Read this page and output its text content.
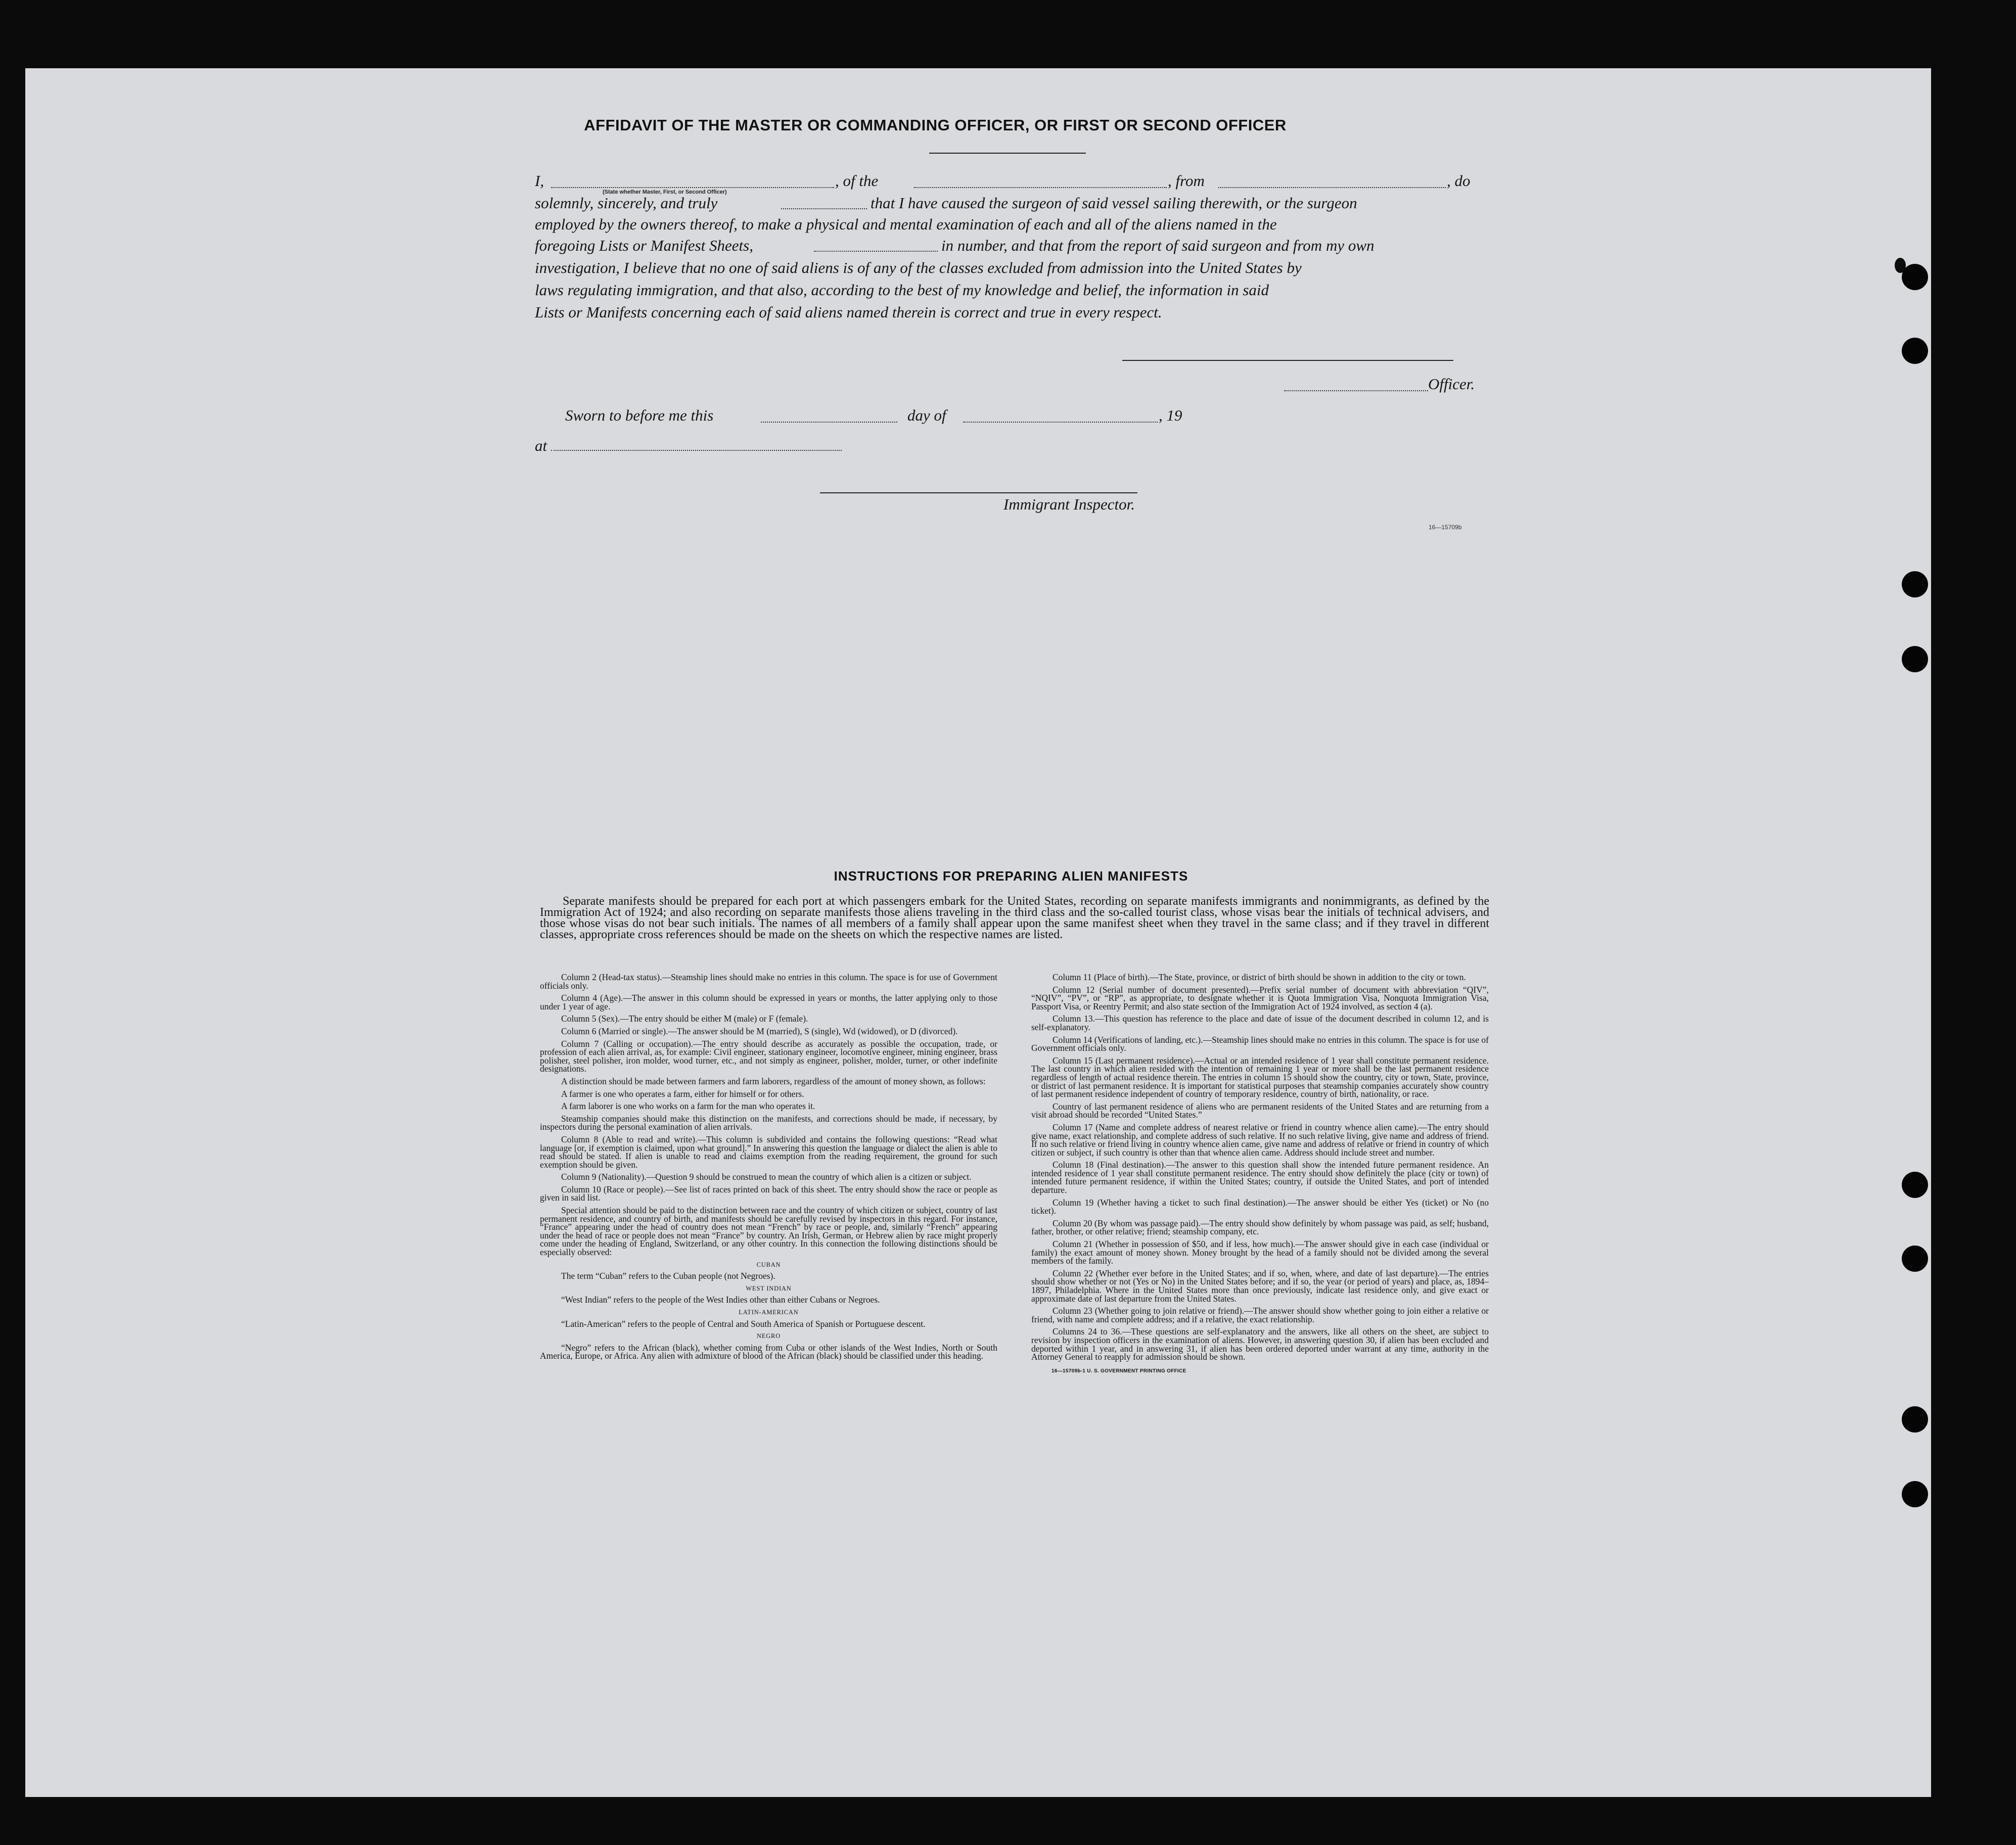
AFFIDAVIT OF THE MASTER OR COMMANDING OFFICER, OR FIRST OR SECOND OFFICER
I,
(State whether Master, First, or Second Officer)
, of the	, from	, do
solemnly, sincerely, and truly	that I have caused the surgeon of said vessel sailing therewith, or the surgeon
employed by the owners thereof, to make a physical and mental examination of each and all of the aliens named in the
foregoing Lists or Manifest Sheets,	in number, and that from the report of said surgeon and from my own
investigation, I believe that no one of said aliens is of any of the classes excluded from admission into the United States by
laws regulating immigration, and that also, according to the best of my knowledge and belief, the information in said
Lists or Manifests concerning each of said aliens named therein is correct and true in every respect.
Officer.
Sworn to before me this	day of	, 19
at
Immigrant Inspector.
16—15709b
INSTRUCTIONS FOR PREPARING ALIEN MANIFESTS
Separate manifests should be prepared for each port at which passengers embark for the United States, recording on separate manifests immigrants and nonimmigrants, as defined by the Immigration Act of 1924; and also recording on separate manifests those aliens traveling in the third class and the so-called tourist class, whose visas bear the initials of technical advisers, and those whose visas do not bear such initials. The names of all members of a family shall appear upon the same manifest sheet when they travel in the same class; and if they travel in different classes, appropriate cross references should be made on the sheets on which the respective names are listed.

Column 2 (Head-tax status).—Steamship lines should make no entries in this column. The space is for use of Government officials only.

Column 4 (Age).—The answer in this column should be expressed in years or months, the latter applying only to those under 1 year of age.

Column 5 (Sex).—The entry should be either M (male) or F (female).

Column 6 (Married or single).—The answer should be M (married), S (single), Wd (widowed), or D (divorced).

Column 7 (Calling or occupation).—The entry should describe as accurately as possible the occupation, trade, or profession of each alien arrival, as, for example: Civil engineer, stationary engineer, locomotive engineer, mining engineer, brass polisher, steel polisher, iron molder, wood turner, etc., and not simply as engineer, polisher, molder, turner, or other indefinite designations.

A distinction should be made between farmers and farm laborers, regardless of the amount of money shown, as follows:

A farmer is one who operates a farm, either for himself or for others.

A farm laborer is one who works on a farm for the man who operates it.

Steamship companies should make this distinction on the manifests, and corrections should be made, if necessary, by inspectors during the personal examination of alien arrivals.

Column 8 (Able to read and write).—This column is subdivided and contains the following questions: “Read what language [or, if exemption is claimed, upon what ground].” In answering this question the language or dialect the alien is able to read should be stated. If alien is unable to read and claims exemption from the reading requirement, the ground for such exemption should be given.

Column 9 (Nationality).—Question 9 should be construed to mean the country of which alien is a citizen or subject.

Column 10 (Race or people).—See list of races printed on back of this sheet. The entry should show the race or people as given in said list.

Special attention should be paid to the distinction between race and the country of which citizen or subject, country of last permanent residence, and country of birth, and manifests should be carefully revised by inspectors in this regard. For instance, “France” appearing under the head of country does not mean “French” by race or people, and, similarly “French” appearing under the head of race or people does not mean “France” by country. An Irish, German, or Hebrew alien by race might properly come under the heading of England, Switzerland, or any other country. In this connection the following distinctions should be especially observed:

CUBAN

The term “Cuban” refers to the Cuban people (not Negroes).

WEST INDIAN

“West Indian” refers to the people of the West Indies other than either Cubans or Negroes.

LATIN-AMERICAN

“Latin-American” refers to the people of Central and South America of Spanish or Portuguese descent.

NEGRO

“Negro” refers to the African (black), whether coming from Cuba or other islands of the West Indies, North or South America, Europe, or Africa. Any alien with admixture of blood of the African (black) should be classified under this heading.

Column 11 (Place of birth).—The State, province, or district of birth should be shown in addition to the city or town.

Column 12 (Serial number of document presented).—Prefix serial number of document with abbreviation “QIV”, “NQIV”, “PV”, or “RP”, as appropriate, to designate whether it is Quota Immigration Visa, Nonquota Immigration Visa, Passport Visa, or Reentry Permit; and also state section of the Immigration Act of 1924 involved, as section 4 (a).

Column 13.—This question has reference to the place and date of issue of the document described in column 12, and is self-explanatory.

Column 14 (Verifications of landing, etc.).—Steamship lines should make no entries in this column. The space is for use of Government officials only.

Column 15 (Last permanent residence).—Actual or an intended residence of 1 year shall constitute permanent residence. The last country in which alien resided with the intention of remaining 1 year or more shall be the last permanent residence regardless of length of actual residence therein. The entries in column 15 should show the country, city or town, State, province, or district of last permanent residence. It is important for statistical purposes that steamship companies accurately show country of last permanent residence independent of country of temporary residence, country of birth, nationality, or race.

Country of last permanent residence of aliens who are permanent residents of the United States and are returning from a visit abroad should be recorded “United States.”

Column 17 (Name and complete address of nearest relative or friend in country whence alien came).—The entry should give name, exact relationship, and complete address of such relative. If no such relative living, give name and address of friend. If no such relative or friend living in country whence alien came, give name and address of relative or friend in country of which citizen or subject, if such country is other than that whence alien came. Address should include street and number.

Column 18 (Final destination).—The answer to this question shall show the intended future permanent residence. An intended residence of 1 year shall constitute permanent residence. The entry should show definitely the place (city or town) of intended future permanent residence, if within the United States; country, if outside the United States, and port of intended departure.

Column 19 (Whether having a ticket to such final destination).—The answer should be either Yes (ticket) or No (no ticket).

Column 20 (By whom was passage paid).—The entry should show definitely by whom passage was paid, as self; husband, father, brother, or other relative; friend; steamship company, etc.

Column 21 (Whether in possession of $50, and if less, how much).—The answer should give in each case (individual or family) the exact amount of money shown. Money brought by the head of a family should not be divided among the several members of the family.

Column 22 (Whether ever before in the United States; and if so, when, where, and date of last departure).—The entries should show whether or not (Yes or No) in the United States before; and if so, the year (or period of years) and place, as, 1894–1897, Philadelphia. Where in the United States more than once previously, indicate last residence only, and give exact or approximate date of last departure from the United States.

Column 23 (Whether going to join relative or friend).—The answer should show whether going to join either a relative or friend, with name and complete address; and if a relative, the exact relationship.

Columns 24 to 36.—These questions are self-explanatory and the answers, like all others on the sheet, are subject to revision by inspection officers in the examination of aliens. However, in answering question 30, if alien has been excluded and deported within 1 year, and in answering 31, if alien has been ordered deported under warrant at any time, authority in the Attorney General to reapply for admission should be shown.

16—15709b-1 U. S. GOVERNMENT PRINTING OFFICE
